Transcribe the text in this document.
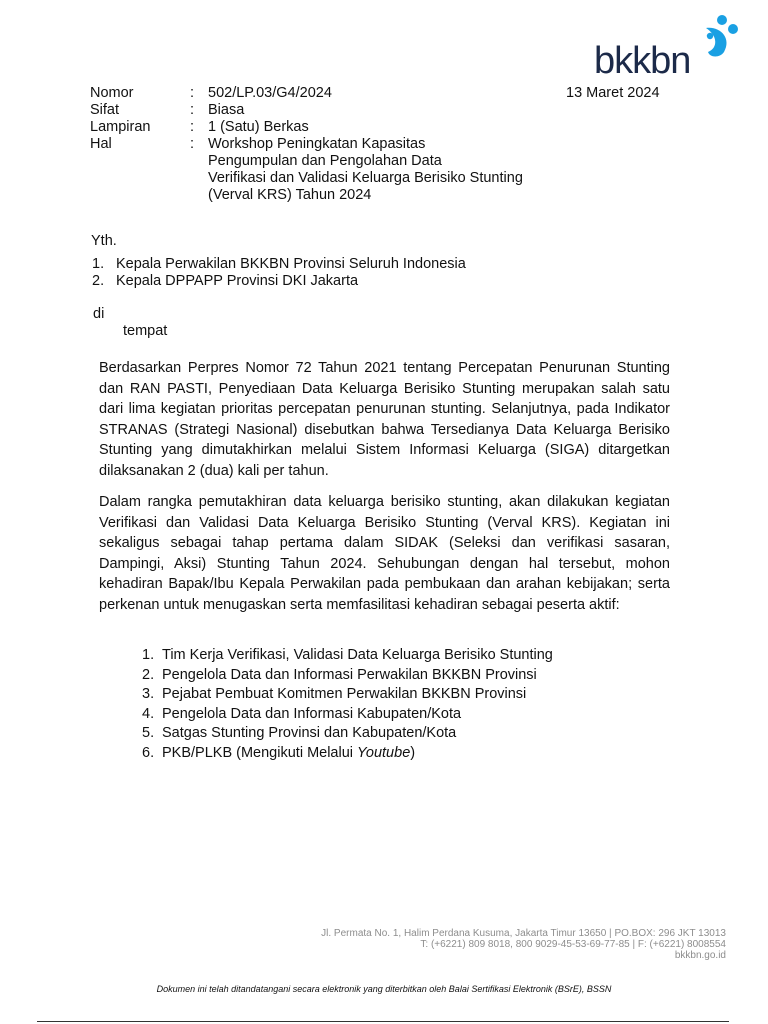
bkkbn
Nomor	: 502/LP.03/G4/2024
Sifat	: Biasa
Lampiran	: 1 (Satu) Berkas
Hal	: Workshop Peningkatan Kapasitas
Pengumpulan dan Pengolahan Data
Verifikasi dan Validasi Keluarga Berisiko Stunting
(Verval KRS) Tahun 2024
13 Maret 2024
Yth.
1. Kepala Perwakilan BKKBN Provinsi Seluruh Indonesia
2. Kepala DPPAPP Provinsi DKI Jakarta
di
tempat
Berdasarkan Perpres Nomor 72 Tahun 2021 tentang Percepatan Penurunan Stunting dan RAN PASTI, Penyediaan Data Keluarga Berisiko Stunting merupakan salah satu dari lima kegiatan prioritas percepatan penurunan stunting. Selanjutnya, pada Indikator STRANAS (Strategi Nasional) disebutkan bahwa Tersedianya Data Keluarga Berisiko Stunting yang dimutakhirkan melalui Sistem Informasi Keluarga (SIGA) ditargetkan dilaksanakan 2 (dua) kali per tahun.
Dalam rangka pemutakhiran data keluarga berisiko stunting, akan dilakukan kegiatan Verifikasi dan Validasi Data Keluarga Berisiko Stunting (Verval KRS). Kegiatan ini sekaligus sebagai tahap pertama dalam SIDAK (Seleksi dan verifikasi sasaran, Dampingi, Aksi) Stunting Tahun 2024. Sehubungan dengan hal tersebut, mohon kehadiran Bapak/Ibu Kepala Perwakilan pada pembukaan dan arahan kebijakan; serta perkenan untuk menugaskan serta memfasilitasi kehadiran sebagai peserta aktif:
1. Tim Kerja Verifikasi, Validasi Data Keluarga Berisiko Stunting
2. Pengelola Data dan Informasi Perwakilan BKKBN Provinsi
3. Pejabat Pembuat Komitmen Perwakilan BKKBN Provinsi
4. Pengelola Data dan Informasi Kabupaten/Kota
5. Satgas Stunting Provinsi dan Kabupaten/Kota
6. PKB/PLKB (Mengikuti Melalui Youtube)
Jl. Permata No. 1, Halim Perdana Kusuma, Jakarta Timur 13650 | PO.BOX: 296 JKT 13013
T: (+6221) 809 8018, 800 9029-45-53-69-77-85 | F: (+6221) 8008554
bkkbn.go.id
Dokumen ini telah ditandatangani secara elektronik yang diterbitkan oleh Balai Sertifikasi Elektronik (BSrE), BSSN
